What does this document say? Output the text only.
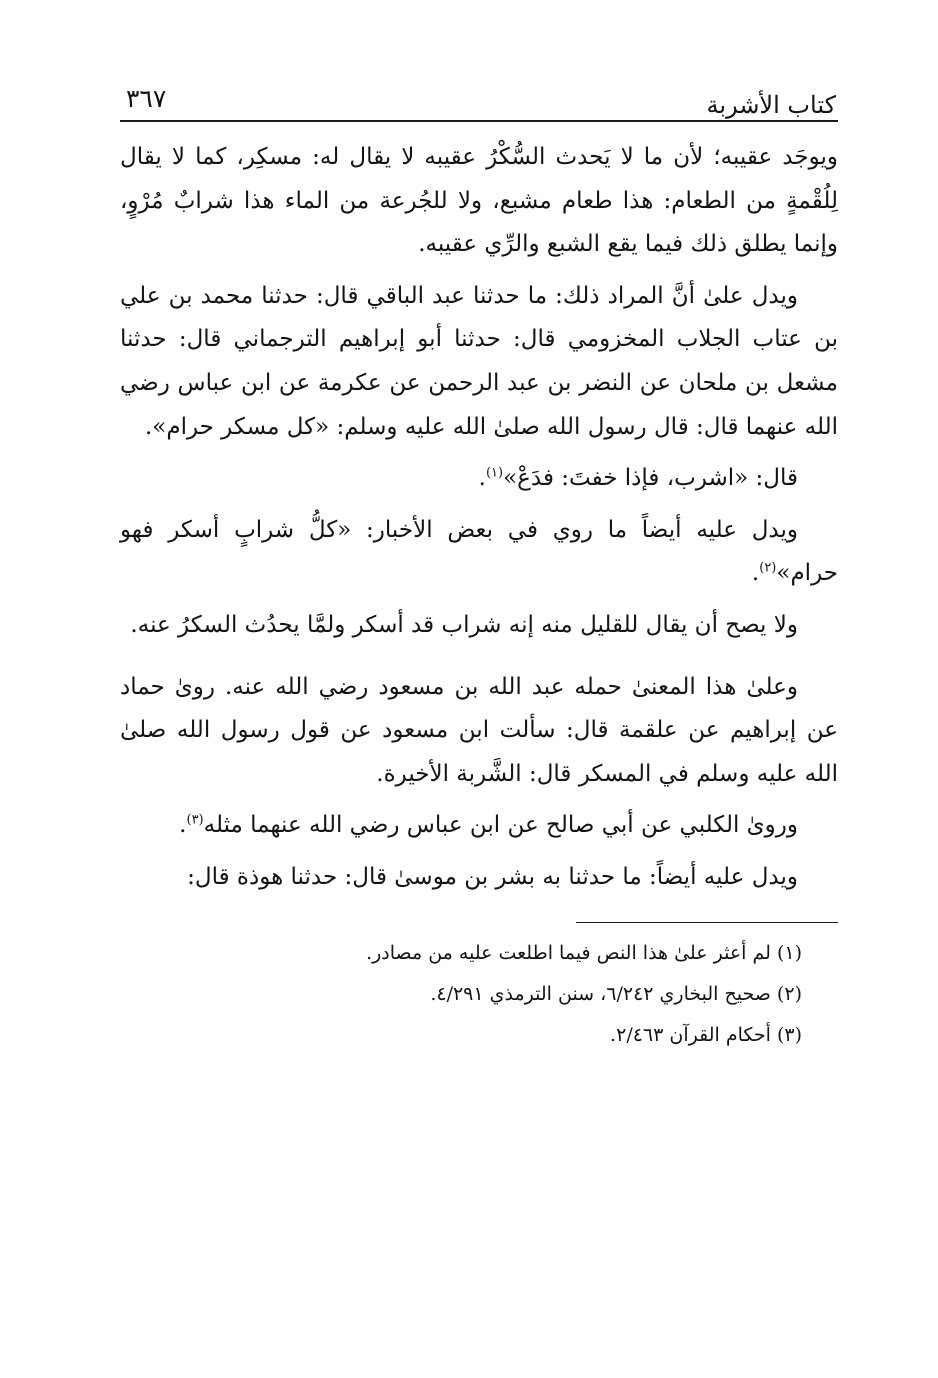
كتاب الأشربة
٣٦٧

ويوجَد عقيبه؛ لأن ما لا يَحدث السُّكْرُ عقيبه لا يقال له: مسكِر، كما لا يقال لِلُقْمةٍ من الطعام: هذا طعام مشبع، ولا للجُرعة من الماء هذا شرابٌ مُرْوٍ، وإنما يطلق ذلك فيما يقع الشبع والرِّي عقيبه.

ويدل علىٰ أنَّ المراد ذلك: ما حدثنا عبد الباقي قال: حدثنا محمد بن علي بن عتاب الجلاب المخزومي قال: حدثنا أبو إبراهيم الترجماني قال: حدثنا مشعل بن ملحان عن النضر بن عبد الرحمن عن عكرمة عن ابن عباس رضي الله عنهما قال: قال رسول الله صلىٰ الله عليه وسلم: «كل مسكر حرام».

قال: «اشرب، فإذا خفتَ: فدَعْ»$^{(١)}$.

ويدل عليه أيضاً ما روي في بعض الأخبار: «كلُّ شرابٍ أسكر فهو حرام»$^{(٢)}$.

ولا يصح أن يقال للقليل منه إنه شراب قد أسكر ولمَّا يحدُث السكرُ عنه.

وعلىٰ هذا المعنىٰ حمله عبد الله بن مسعود رضي الله عنه. روىٰ حماد عن إبراهيم عن علقمة قال: سألت ابن مسعود عن قول رسول الله صلىٰ الله عليه وسلم في المسكر قال: الشَّربة الأخيرة.

وروىٰ الكلبي عن أبي صالح عن ابن عباس رضي الله عنهما مثله$^{(٣)}$.

ويدل عليه أيضاً: ما حدثنا به بشر بن موسىٰ قال: حدثنا هوذة قال:

(١) لم أعثر علىٰ هذا النص فيما اطلعت عليه من مصادر.
(٢) صحيح البخاري ٦/٢٤٢، سنن الترمذي ٤/٢٩١.
(٣) أحكام القرآن ٢/٤٦٣.
